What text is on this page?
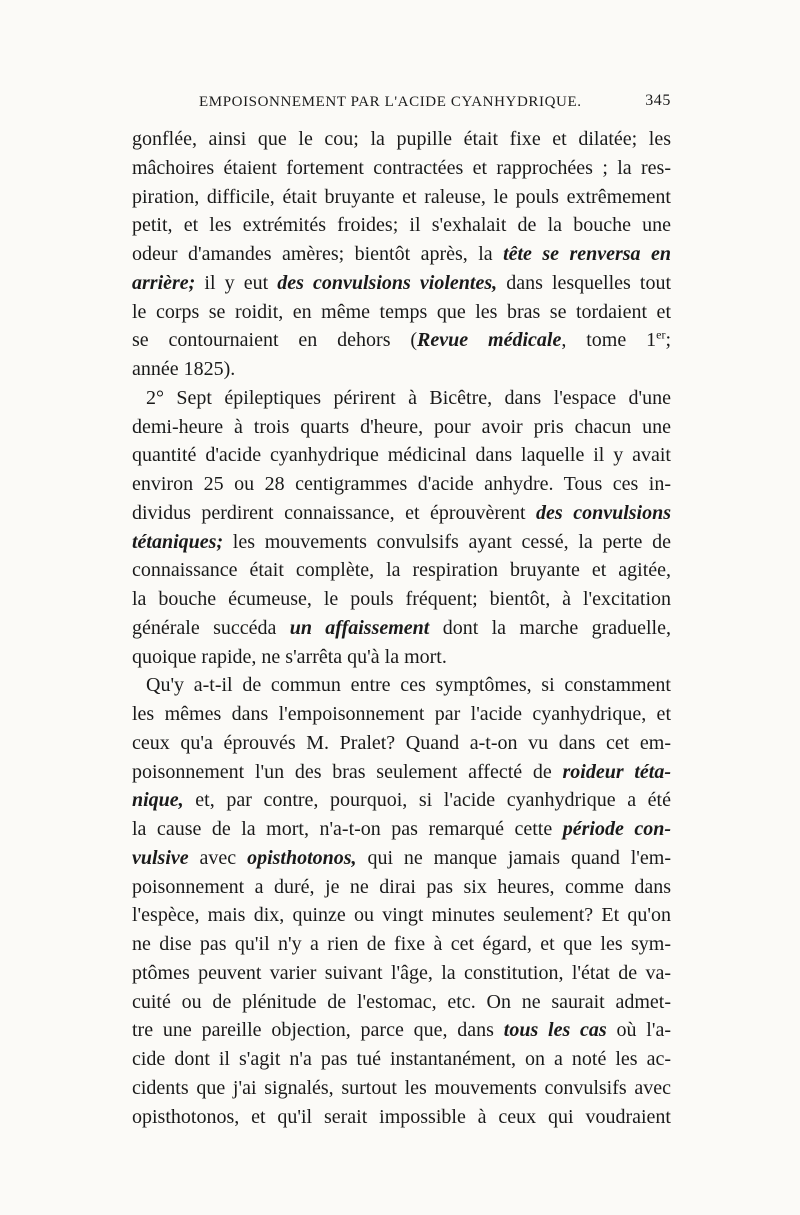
EMPOISONNEMENT PAR L'ACIDE CYANHYDRIQUE.	345
gonflée, ainsi que le cou; la pupille était fixe et dilatée; les
mâchoires étaient fortement contractées et rapprochées ; la res-
piration, difficile, était bruyante et raleuse, le pouls extrêmement
petit, et les extrémités froides; il s'exhalait de la bouche une
odeur d'amandes amères; bientôt après, la tête se renversa en
arrière; il y eut des convulsions violentes, dans lesquelles tout
le corps se roidit, en même temps que les bras se tordaient et
se contournaient en dehors (Revue médicale, tome 1er;
année 1825).
2° Sept épileptiques périrent à Bicêtre, dans l'espace d'une
demi-heure à trois quarts d'heure, pour avoir pris chacun une
quantité d'acide cyanhydrique médicinal dans laquelle il y avait
environ 25 ou 28 centigrammes d'acide anhydre. Tous ces in-
dividus perdirent connaissance, et éprouvèrent des convulsions
tétaniques; les mouvements convulsifs ayant cessé, la perte de
connaissance était complète, la respiration bruyante et agitée,
la bouche écumeuse, le pouls fréquent; bientôt, à l'excitation
générale succéda un affaissement dont la marche graduelle,
quoique rapide, ne s'arrêta qu'à la mort.
Qu'y a-t-il de commun entre ces symptômes, si constamment
les mêmes dans l'empoisonnement par l'acide cyanhydrique, et
ceux qu'a éprouvés M. Pralet? Quand a-t-on vu dans cet em-
poisonnement l'un des bras seulement affecté de roideur téta-
nique, et, par contre, pourquoi, si l'acide cyanhydrique a été
la cause de la mort, n'a-t-on pas remarqué cette période con-
vulsive avec opisthotonos, qui ne manque jamais quand l'em-
poisonnement a duré, je ne dirai pas six heures, comme dans
l'espèce, mais dix, quinze ou vingt minutes seulement? Et qu'on
ne dise pas qu'il n'y a rien de fixe à cet égard, et que les sym-
ptômes peuvent varier suivant l'âge, la constitution, l'état de va-
cuité ou de plénitude de l'estomac, etc. On ne saurait admet-
tre une pareille objection, parce que, dans tous les cas où l'a-
cide dont il s'agit n'a pas tué instantanément, on a noté les ac-
cidents que j'ai signalés, surtout les mouvements convulsifs avec
opisthotonos, et qu'il serait impossible à ceux qui voudraient
